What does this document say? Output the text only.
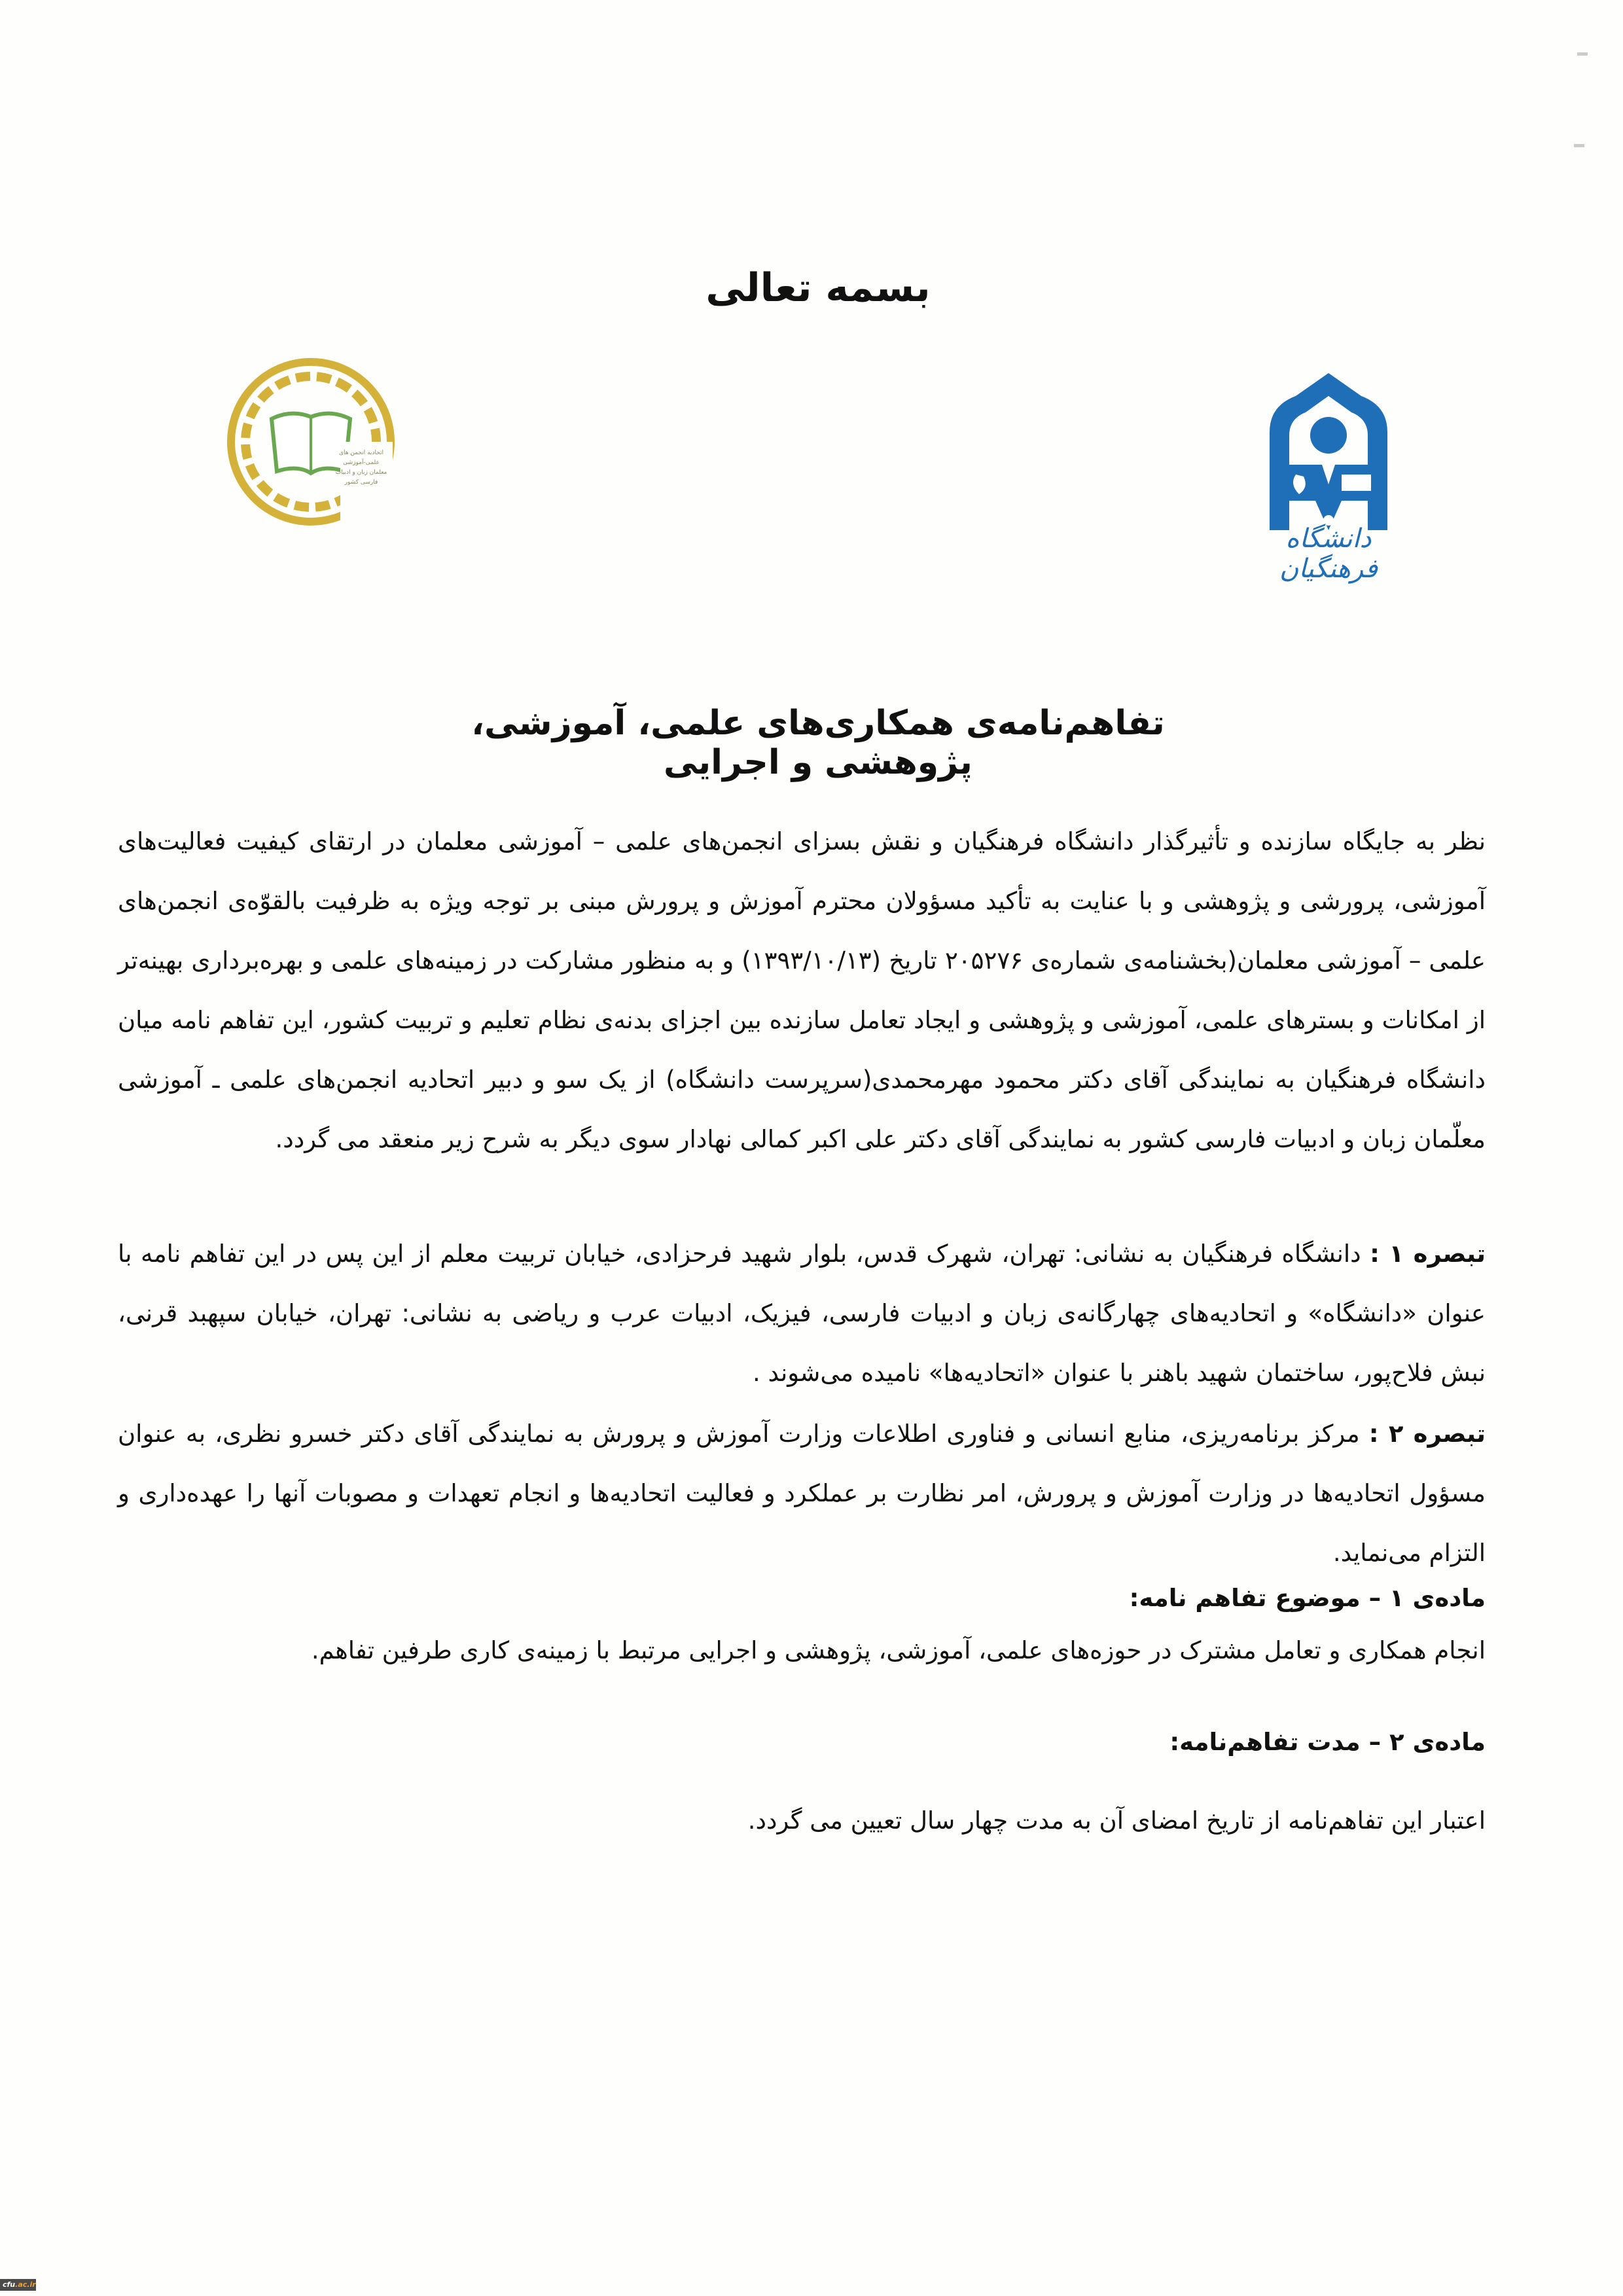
بسمه تعالی
اتحادیه انجمن های علمی-آموزشی معلمان زبان و ادبیات فارسی کشور
دانشگاه فرهنگیان
تفاهم‌نامه‌ی همکاری‌های علمی، آموزشی، پژوهشی و اجرایی

نظر به جایگاه سازنده و تأثیرگذار دانشگاه فرهنگیان و نقش بسزای انجمن‌های علمی – آموزشی معلمان در ارتقای کیفیت فعالیت‌های آموزشی، پرورشی و پژوهشی و با عنایت به تأکید مسؤولان محترم آموزش و پرورش مبنی بر توجه ویژه به ظرفیت بالقوّه‌ی انجمن‌های علمی – آموزشی معلمان(بخشنامه‌ی شماره‌ی ۲۰۵۲۷۶ تاریخ (۱۳۹۳/۱۰/۱۳) و به منظور مشارکت در زمینه‌های علمی و بهره‌برداری بهینه‌تر از امکانات و بسترهای علمی، آموزشی و پژوهشی و ایجاد تعامل سازنده بین اجزای بدنه‌ی نظام تعلیم و تربیت کشور، این تفاهم نامه میان دانشگاه فرهنگیان به نمایندگی آقای دکتر محمود مهرمحمدی(سرپرست دانشگاه) از یک سو و دبیر اتحادیه انجمن‌های علمی ـ آموزشی معلّمان زبان و ادبیات فارسی کشور به نمایندگی آقای دکتر علی اکبر کمالی نهادار سوی دیگر به شرح زیر منعقد می گردد.

تبصره ۱ : دانشگاه فرهنگیان به نشانی: تهران، شهرک قدس، بلوار شهید فرحزادی، خیابان تربیت معلم از این پس در این تفاهم نامه با عنوان «دانشگاه» و اتحادیه‌های چهارگانه‌ی زبان و ادبیات فارسی، فیزیک، ادبیات عرب و ریاضی به نشانی: تهران، خیابان سپهبد قرنی، نبش فلاح‌پور، ساختمان شهید باهنر با عنوان «اتحادیه‌ها» نامیده می‌شوند .

تبصره ۲ : مرکز برنامه‌ریزی، منابع انسانی و فناوری اطلاعات وزارت آموزش و پرورش به نمایندگی آقای دکتر خسرو نظری، به عنوان مسؤول اتحادیه‌ها در وزارت آموزش و پرورش، امر نظارت بر عملکرد و فعالیت اتحادیه‌ها و انجام تعهدات و مصوبات آنها را عهده‌داری و التزام می‌نماید.

ماده‌ی ۱ – موضوع تفاهم نامه:
انجام همکاری و تعامل مشترک در حوزه‌های علمی، آموزشی، پژوهشی و اجرایی مرتبط با زمینه‌ی کاری طرفین تفاهم.
ماده‌ی ۲ – مدت تفاهم‌نامه:
اعتبار این تفاهم‌نامه از تاریخ امضای آن به مدت چهار سال تعیین می گردد.
cfu.ac.ir
